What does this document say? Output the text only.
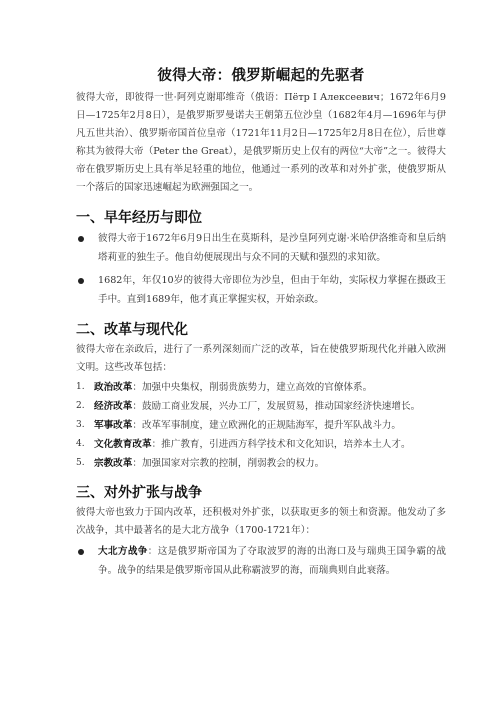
彼得大帝：俄罗斯崛起的先驱者

彼得大帝，即彼得一世·阿列克谢耶维奇（俄语：Пётр I Алексеевич；1672年6月9日—1725年2月8日），是俄罗斯罗曼诺夫王朝第五位沙皇（1682年4月—1696年与伊凡五世共治）、俄罗斯帝国首位皇帝（1721年11月2日—1725年2月8日在位），后世尊称其为彼得大帝（Peter the Great），是俄罗斯历史上仅有的两位“大帝”之一。彼得大帝在俄罗斯历史上具有举足轻重的地位，他通过一系列的改革和对外扩张，使俄罗斯从一个落后的国家迅速崛起为欧洲强国之一。

一、早年经历与即位
彼得大帝于1672年6月9日出生在莫斯科，是沙皇阿列克谢·米哈伊洛维奇和皇后纳塔莉亚的独生子。他自幼便展现出与众不同的天赋和强烈的求知欲。
1682年，年仅10岁的彼得大帝即位为沙皇，但由于年幼，实际权力掌握在摄政王手中。直到1689年，他才真正掌握实权，开始亲政。
二、改革与现代化

彼得大帝在亲政后，进行了一系列深刻而广泛的改革，旨在使俄罗斯现代化并融入欧洲文明。这些改革包括：

1. 政治改革：加强中央集权，削弱贵族势力，建立高效的官僚体系。
2. 经济改革：鼓励工商业发展，兴办工厂，发展贸易，推动国家经济快速增长。
3. 军事改革：改革军事制度，建立欧洲化的正规陆海军，提升军队战斗力。
4. 文化教育改革：推广教育，引进西方科学技术和文化知识，培养本土人才。
5. 宗教改革：加强国家对宗教的控制，削弱教会的权力。
三、对外扩张与战争

彼得大帝也致力于国内改革，还积极对外扩张，以获取更多的领土和资源。他发动了多次战争，其中最著名的是大北方战争（1700-1721年）：

大北方战争：这是俄罗斯帝国为了夺取波罗的海的出海口及与瑞典王国争霸的战争。战争的结果是俄罗斯帝国从此称霸波罗的海，而瑞典则自此衰落。
